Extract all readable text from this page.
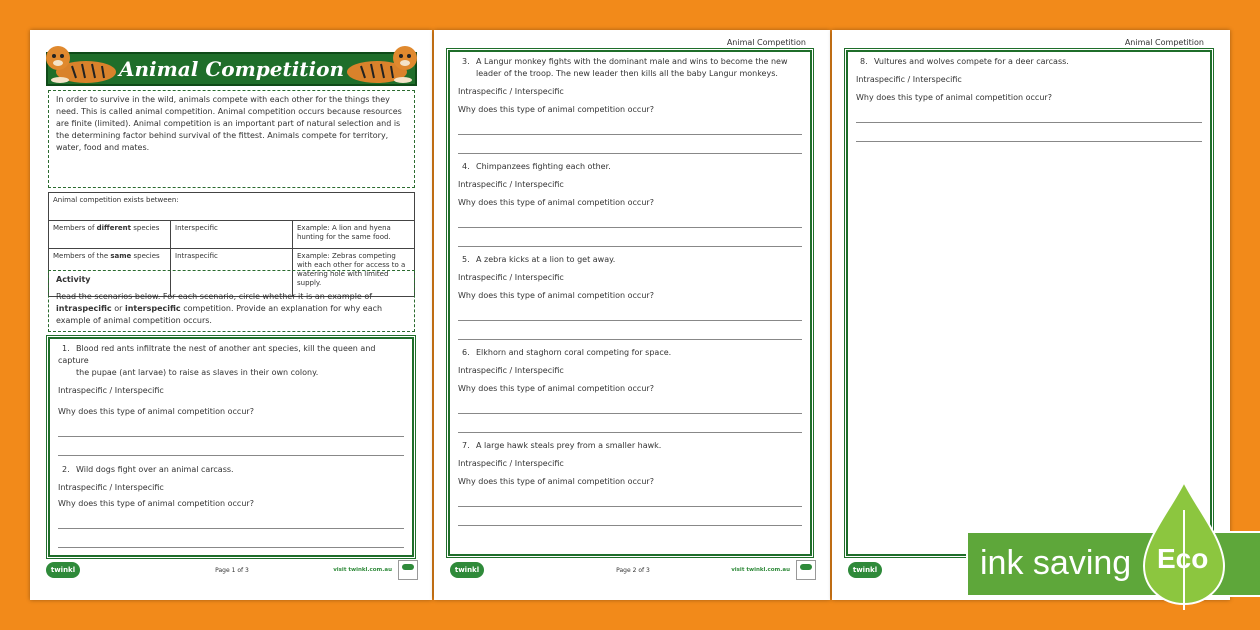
Animal Competition
In order to survive in the wild, animals compete with each other for the things they need. This is called animal competition. Animal competition occurs because resources are finite (limited). Animal competition is an important part of natural selection and is the determining factor behind survival of the fittest. Animals compete for territory, water, food and mates.
Animal competition exists between:		
Members of different species	Interspecific	Example: A lion and hyena hunting for the same food.
Members of the same species	Intraspecific	Example: Zebras competing with each other for access to a watering hole with limited supply.
Activity
Read the scenarios below. For each scenario, circle whether it is an example of intraspecific or interspecific competition. Provide an explanation for why each example of animal competition occurs.
1. Blood red ants infiltrate the nest of another ant species, kill the queen and capture
the pupae (ant larvae) to raise as slaves in their own colony.
Intraspecific / Interspecific
Why does this type of animal competition occur?
2. Wild dogs fight over an animal carcass.
Intraspecific / Interspecific
Why does this type of animal competition occur?
twinkl	Page 1 of 3	visit twinkl.com.au
Animal Competition
3. A Langur monkey fights with the dominant male and wins to become the new
leader of the troop. The new leader then kills all the baby Langur monkeys.
Intraspecific / Interspecific
Why does this type of animal competition occur?
4. Chimpanzees fighting each other.
Intraspecific / Interspecific
Why does this type of animal competition occur?
5. A zebra kicks at a lion to get away.
Intraspecific / Interspecific
Why does this type of animal competition occur?
6. Elkhorn and staghorn coral competing for space.
Intraspecific / Interspecific
Why does this type of animal competition occur?
7. A large hawk steals prey from a smaller hawk.
Intraspecific / Interspecific
Why does this type of animal competition occur?
twinkl	Page 2 of 3	visit twinkl.com.au
Animal Competition
8. Vultures and wolves compete for a deer carcass.
Intraspecific / Interspecific
Why does this type of animal competition occur?
twinkl	ink saving Eco
